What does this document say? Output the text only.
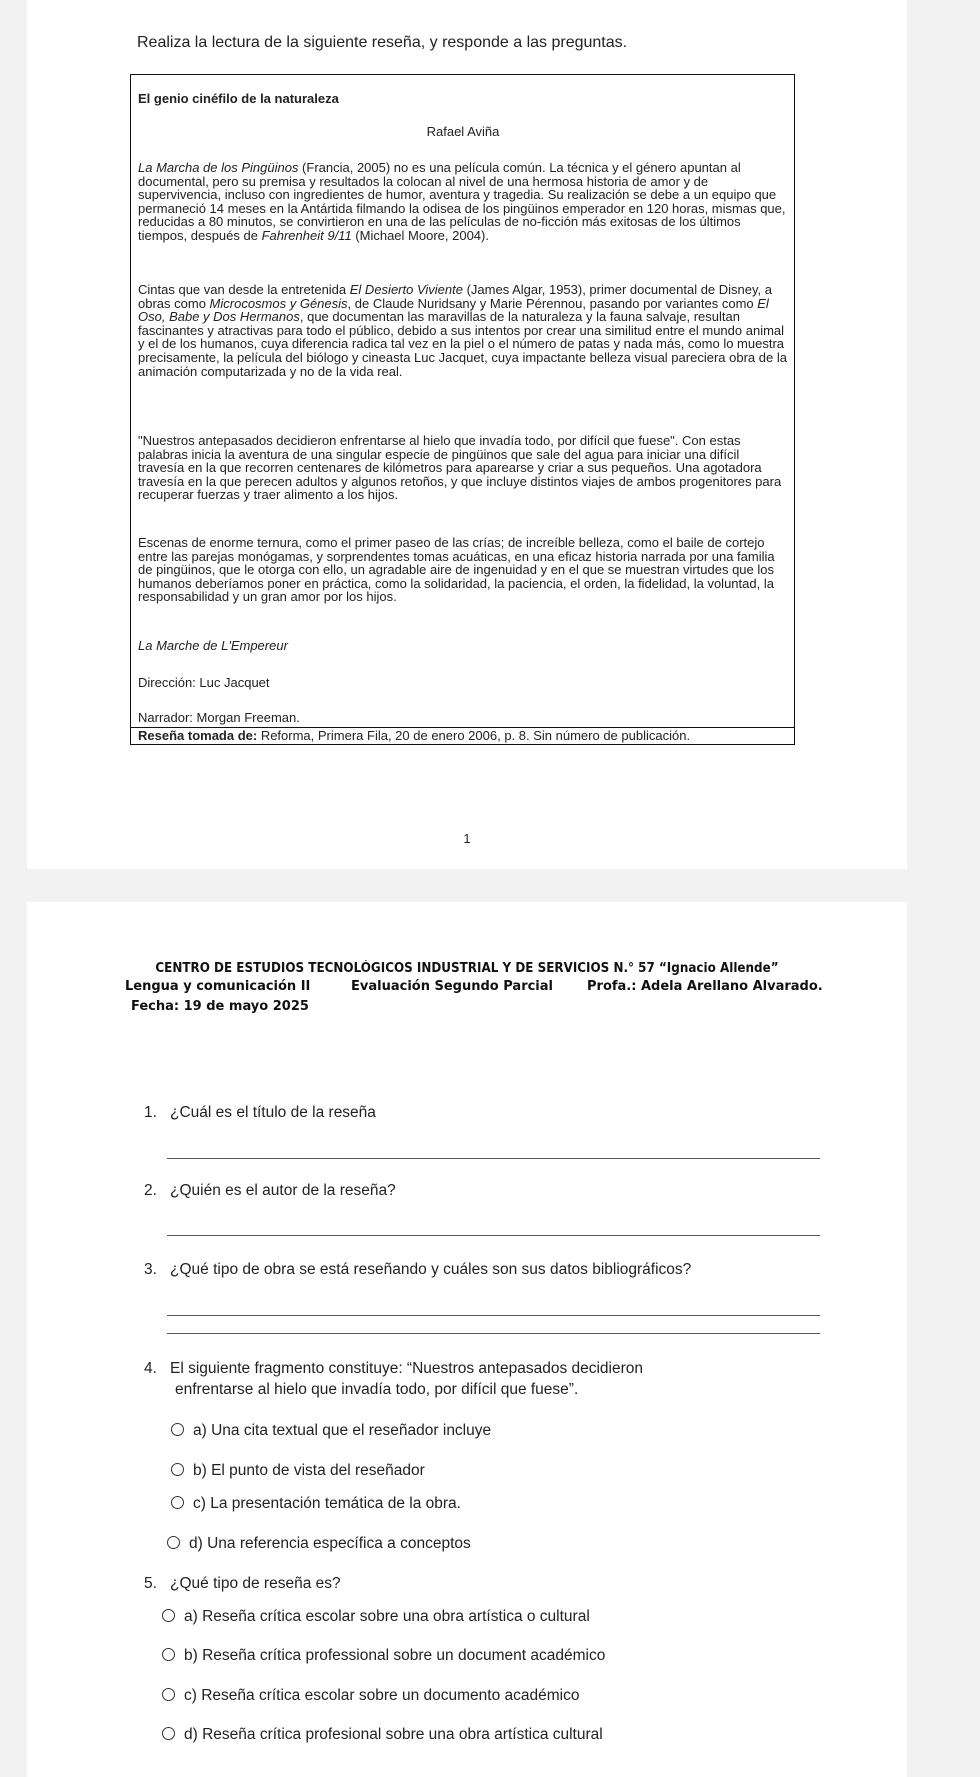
Realiza la lectura de la siguiente reseña, y responde a las preguntas.
El genio cinéfilo de la naturaleza
Rafael Aviña

La Marcha de los Pingüinos (Francia, 2005) no es una película común. La técnica y el género apuntan al documental, pero su premisa y resultados la colocan al nivel de una hermosa historia de amor y de supervivencia, incluso con ingredientes de humor, aventura y tragedia. Su realización se debe a un equipo que permaneció 14 meses en la Antártida filmando la odisea de los pingüinos emperador en 120 horas, mismas que, reducidas a 80 minutos, se convirtieron en una de las películas de no-ficción más exitosas de los últimos tiempos, después de Fahrenheit 9/11 (Michael Moore, 2004).

Cintas que van desde la entretenida El Desierto Viviente (James Algar, 1953), primer documental de Disney, a obras como Microcosmos y Génesis, de Claude Nuridsany y Marie Pérennou, pasando por variantes como El Oso, Babe y Dos Hermanos, que documentan las maravillas de la naturaleza y la fauna salvaje, resultan fascinantes y atractivas para todo el público, debido a sus intentos por crear una similitud entre el mundo animal y el de los humanos, cuya diferencia radica tal vez en la piel o el número de patas y nada más, como lo muestra precisamente, la película del biólogo y cineasta Luc Jacquet, cuya impactante belleza visual pareciera obra de la animación computarizada y no de la vida real.

"Nuestros antepasados decidieron enfrentarse al hielo que invadía todo, por difícil que fuese". Con estas palabras inicia la aventura de una singular especie de pingüinos que sale del agua para iniciar una difícil travesía en la que recorren centenares de kilómetros para aparearse y criar a sus pequeños. Una agotadora travesía en la que perecen adultos y algunos retoños, y que incluye distintos viajes de ambos progenitores para recuperar fuerzas y traer alimento a los hijos.

Escenas de enorme ternura, como el primer paseo de las crías; de increíble belleza, como el baile de cortejo entre las parejas monógamas, y sorprendentes tomas acuáticas, en una eficaz historia narrada por una familia de pingüinos, que le otorga con ello, un agradable aire de ingenuidad y en el que se muestran virtudes que los humanos deberíamos poner en práctica, como la solidaridad, la paciencia, el orden, la fidelidad, la voluntad, la responsabilidad y un gran amor por los hijos.

La Marche de L'Empereur
Dirección: Luc Jacquet
Narrador: Morgan Freeman.
Reseña tomada de: Reforma, Primera Fila, 20 de enero 2006, p. 8. Sin número de publicación.
1
CENTRO DE ESTUDIOS TECNOLÓGICOS INDUSTRIAL Y DE SERVICIOS N.° 57 “Ignacio Allende”
Lengua y comunicación II	Evaluación Segundo Parcial	Profa.: Adela Arellano Alvarado.
Fecha: 19 de mayo 2025
1. ¿Cuál es el título de la reseña
2. ¿Quién es el autor de la reseña?
3. ¿Qué tipo de obra se está reseñando y cuáles son sus datos bibliográficos?
4. El siguiente fragmento constituye: “Nuestros antepasados decidieron
enfrentarse al hielo que invadía todo, por difícil que fuese”.
a) Una cita textual que el reseñador incluye
b) El punto de vista del reseñador
c) La presentación temática de la obra.
d) Una referencia específica a conceptos
5. ¿Qué tipo de reseña es?
a) Reseña crítica escolar sobre una obra artística o cultural
b) Reseña crítica professional sobre un document académico
c) Reseña crítica escolar sobre un documento académico
d) Reseña crítica profesional sobre una obra artística cultural
